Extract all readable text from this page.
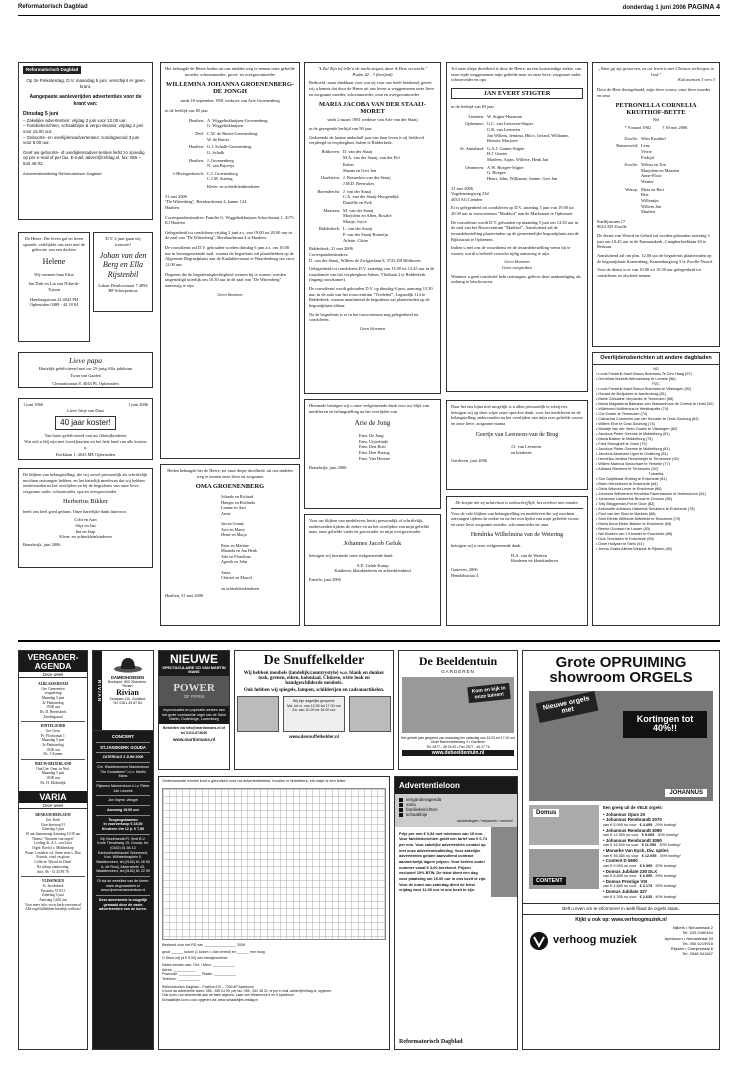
Reformatorisch Dagblad	donderdag 1 juni 2006 PAGINA 4
Reformatorisch Dagblad
Op 2e Pinksterdag, D.V. maandag 5 juni, verschijnt er geen krant.
Aangepaste aanleverijden advertenties voor de krant van:
Dinsdag 5 juni
– Zakelijke advertenties: vrijdag 2 juni voor 12.00 uur.
– Familieberichten, schaakbijes & verpo-deravis: vrijdag 2 juni voor 15.00 uur.
– Geboorte- en overlijdensadvertenties: zondagavond 3 juni voor 9.00 uur.
Geef uw geboorte- of overlijdensadver-tenties liefst zo spoedig op per e-mail of per fax. E-mail: advert@refdag.nl, fax: 055 – 542 48 02.
Advertentieafdeling Reformatorisch Dagblad
De Heere, Die leven gaf en leven spaarde, verblijdde ons zeer met de geboorte van een dochter
Helene
Wij noemen haar Elise
Jan Dirk en Lia van Nifterik-Tijssen
Hamburgstraat 22 4043 PH Opheusden 0488 - 44 18 04
D.V. 2 juni gaan wij trouwen!
Johan van den Berg en Ella Rijstenbil
Laban Deurloostraat 7 4094 BP Scherpenisse
Lieve papa
Hartelijk gefeliciteerd met uw 25-jarig Alfa jubileum
Twan van Gaalen
Clematisstraat 8, 4043 PL Opheusden
1 juni 1966	1 juni 2006
Lieve Iritje van Dam
40 jaar koster!
Van harte gefeliciteerd van uw (klein)kinderen
Wat zult u blij zijn met (werk)taarten uit het hele land van alle kosters u.
Kerklaan 1, 4043 ME Opheusden
De blijken van belangstelling, die wij zowel persoonlijk als schriftelijk mochten ontvangen hebben, en het hartelijk meeleven dat wij hebben ondervonden na het overlijden en bij de begrafenis van onze lieve, zorgzame vader, schoonvader, opa en overgrootvader
Herbertus Bikker
heeft ons heel goed gedaan. Onze hartelijke dank daarvoor.
Cobi en Aart
Stija en Jan
Ina en Jaap
Klein- en achterkleinkinderen
Brandwijk, juni 2006
Het behaagde de Heere heden uit ons midden weg te nemen onze geliefde moeder, schoonmoeder, groot- en overgrootmoeder
WILLEMINA JOHANNA GROENENBERG-DE JONGH
sinds 18 september 1981 weduwe van Arie Groenenberg
in de leeftijd van 85 jaar.
Haaften: A. Wiggelinkhuijsen-Groenenberg
G. Wiggelinkhuijsen
Deil: C.W. de Ruiter-Groenenberg
W. de Ruiter
Haaften: G.J. Schalk-Groenenberg
G. Schalk
Haaften: J. Groenenberg
N. van Bijsveja
's-Hertogenbosch: C.J. Groenenberg
C.J.M. Staring
Klein- en achterkleinkinderen
31 mei 2006
"De Wittenberg", Bernhardstraat 4, kamer 124
Haaften
Correspondentieadres: Familie G. Wiggelinkhuijsen Schoolstraat 1, 4175 KJ Haaften
Gelegenheid tot condoleren vrijdag 2 juni a.s. van 19.00 tot 20.00 uur in de zaal van "De Wittenberg", Bernhardstraat 4 te Haaften.
De rouwdienst zal D.V. gehouden worden dinsdag 6 juni a.s. om 10.00 uur in bovengenoemde zaal, waarna de begrafenis zal plaatshebben op de Algemene Begraafplaats aan de Kaalakkerstraat te Waardenburg om circa 12.00 uur.
Degenen die de begrafenisplechtigheid wensen bij te wonen, worden uitgenodigd uiterlijk om 10.30 uur in de zaal van "De Wittenberg" aanwezig te zijn.
Geen bloemen
Heden behaagde het de Heere, tot onze diepe droefheid, uit ons midden weg te nemen onze lieve en zorgzame
OMA GROENENBERG
Jolanda en Richard
Hartger en Roelinda
Lianne en Aart
Arnie

Jan en Gonny
Arie en Marry
Henri en Marja

Peter en Martine
Miranda en Jan Henk
Ado en Floreliina
Ageeth en John

Anita
Christel en Marcel

en achterkleinkinderen
Haaften, 31 mei 2006
"k Zal Zijn lof telle'n de nacht zingen, daar ik Hem verwacht."
Psalm 42 : 3 (berijmd)
Bedroefd, maar dankbaar voor wat zij voor ons heeft betekend, geven wij u kennis dat door de Heere uit ons leven is weggenomen onze lieve en zorgzame moeder, schoonmoeder, oma en overgrootmoeder
MARIA JACOBA VAN DER STAAIJ-MORET
sinds 2 maart 1981 weduwe van Arie van der Staaij
in de gezegende leeftijd van 90 jaar.
Gedurende de laatste anderhalf jaar van haar leven is zij liefdevol verpleegd in verpleeghuis Salem te Ridderkerk.
Bilthoven: D. van der Staaij
M.A. van der Staaij–van der Pol
Kuber
Shanta en Gert Jan
IJsselstein: J. Beeuwkes-van der Staaij
J.M.D. Beeuwkes
Barendrecht: J. van der Staaij
C.A. van der Staaij-Hoogendijk
Daniëlle en Erik
Maassen: M. van der Staaij
Marjolein en Allen, Rosalie
Marije, Joyce
Ridderkerk: L. van der Staaij
P. van der Staaij-Romeijn
Arlette, Claire
Ridderkerk, 31 mei 2006
Correspondentieadres:
D. van der Staaij, Willem de Zwijgerlaan 8, 3722 ZB Bilthoven
Gelegenheid tot condoleren D.V. zaterdag van 13.00 tot 13.45 uur in de rouwkamer van het verpleeghuis Salem, Vliethain 2 te Ridderkerk (ingang rouwkamer).
De rouwdienst wordt gehouden D.V. op dinsdag 6 juni, aanvang 13.30 uur, in de aula van het rouwcentrum "Vredehof", Lagendijk 114 te Ridderkerk, waarna aansluitend de begrafenis zal plaatsvinden op de begraafplaats aldaar.
Na de begrafenis is er in het rouwcentrum nog gelegenheid tot condoleren.
Geen bloemen
Hiermede betuigen wij u onze welgemeende dank voor uw blijk van medeleven en belangstelling na het overlijden van
Arie de Jong
Fam. De Jong
Fam. Uijterlinde
Fam. Den Boer
Fam. Den Hartog
Fam. Van Hoorne
Brandwijk, juni 2006
Voor uw blijken van medeleven, hetzij persoonlijk of schriftelijk, ondervonden tijdens de ziekte en na het overlijden van mijn geliefde man, onze geliefde vader en grootvader en mijn overgrootvader
Johannes Jacob Geluk
betuigen wij hiermede onze welgemeende dank.
A.E. Geluk-Kamp
Kinderen, kleinkinderen en achterkleinkind
Ermelo, juni 2006
Tot onze diepe droefheid is door de Heere, na een kortstondige ziekte, van onze zijde weggenomen mijn geliefde man en onze lieve, zorgzame vader, schoonvader en opa
JAN EVERT STIGTER
in de leeftijd van 83 jaar.
Lienden: W. Stigter-Huisman
Ophemert: G.C. van Leeuwen-Stigter
G.R. van Leeuwen
Jan Willem, Jemima, Hilco, Gerard, Willianne, Bernier, Marjorie
St. Annaland: G.A.J. Gunter-Stigter
H.J. Gunter
Marleen, Arjan, Willette, Henk Jan
Ommeren: A.W. Hoegee-Stigter
G. Hoegee
Henri, John, Willianne, Janine, Gert Jan
31 mei 2006
Vogelenzangweg 23d
4033 AG Lienden
Er is gelegenheid tot condoleren op D.V. zaterdag 3 juni van 19.00 tot 20.30 uur in rouwcentrum "Markhof" aan de Markstraat te Ophemert.
De rouwdienst wordt D.V. gehouden op maandag 5 juni om 14.30 uur in de zaal van het Rouwcentrum "Markhof". Aansluitend zal de teraardebestelling plaatsvinden op de gemeentelijke begraafplaats aan de Rijksstraat te Ophemert.
Indien u met ons de rouwdienst en de teraardebestelling wenst bij te wonen, wordt u beleefd verzocht tijdig aanwezig te zijn.
Geen bloemen
Geen toespraken
Wanneer u geen rouwbrief hebt ontvangen, gelieve deze aankondiging als zodanig te beschouwen.
Daar het ons bijna niet mogelijk is u allen persoonlijk te schrijven, betuigen wij op deze wijze onze oprechte dank, voor het medeleven en de belangstelling ondervonden na het overlijden van mijn zeer geliefde vrouw en onze lieve, zorgzame mama
Geertje van Leeuwen-van de Brug
J.J. van Leeuwen
en kinderen
Gardeven, juni 2006
De koepte die zij achterlaat is onbeschrijflijk, het verdriet niet minder.
Voor de vele blijken van belangstelling en medeleven die wij mochten ontvangen tijdens de ziekte en na het overlijden van mijn geliefde vrouw en onze lieve zorgzame moeder, schoonmoeder en oma
Hendrika Wilhelmina van de Wetering
betuigen wij u onze welgemeende dank.
H.A. van de Werken
Kinderen en kleinkinderen
Ganeven, 2006
Hendrikstraat 4
„Want gij zijt gestorven, en uw leven is met Christus verborgen in God."
Kolossensen 3 vers 3
Door de Heer thuisgehaald, mijn lieve vrouw, onze lieve moeder en oma
PETRONELLA CORNELIA KRUITHOF-BETTE
Nel
* 9 maart 1902          † 30 mei 2006
Zwolle: Wim Kruithof
Rainerwold: Leny
Verrie
Fridtjof
Zwolle: Wilma en Ton
Marjolein en Maarten
Anne-Floor
Wouter
Wezep: Meta en Bert
Bert
Willemijn
Willem Jan
Marlien
Snellijusiaan 17
8024 XD Zwolle
De dienst van Woord en Gebed zal worden gehouden zaterdag 3 juni om 10.45 uur in de Emmauskerk, Campherbeeklaan 63 te Berkum.
Aansluitend zal om plm. 12.00 uur de begrafenis plaatsvinden op de begraafplaats Kranenburg, Kranenburgweg 5 te Zwolle-Noord.
Voor de dienst is er van 10.00 tot 10.30 uur gelegenheid tot condoleren en afscheid nemen.
Overlijdensberichten uit andere dagbladen
ND
• Louis Frederik Karel Bosco Bosmans Te Den Haag (57)
• Gerrhilda Westrik-Wennekamp te Lemele (88)
PZC
• Louis Frederik Karel Bosco Bosmans te Vlissingen (52)
• Gerard de Bruijckere te Aardenburg (81)
• Marie Ghislaine Verplanke te Terneuzen (88)
• Maria Magdalena Baltusse-van Wassenhove de Cherck te Hulst (52)
• Willebrord Nolthenius te Westkapelle (74)
• Cor Koster te Terneuzen (74)
• Catharina Commelin-van der Klooster te Oost-Souburg (84)
• Willem Elve te Oost-Souburg (74)
• Maartje van der Veen-Oudes te Vlissingen (82)
• Jacobus Pieter Geense te Middelburg (81)
• Maria Bakker te Middelburg (74)
• Fred Stronghelt te Goes (79)
• Jacobus Pieter Geense te Middelburg (81)
• Jacobus Abraham Ligne te Oostburg (81)
• Hendrika Jantina Heinemeijer te Terneuzen (92)
• Willem Marinus Bosschaer te Yerseke (77)
• Adriana Riemens te Terneuzen (92)
Tubantia
• Sim Galjethaar-Rotting te Enschede (81)
• Bram Hendriesch te Enschede (84)
• Diela Witvoet-Lever te Enschede (66)
• Johanna Wilhelmina Hendrika Faberhausen te Hellendoorn (81)
• Johannes Lamberlus Brouw te Gronolo (86)
• Toty Brüggeman-Pot te Goor (82)
• Antoinette Adrianus Habertus Smulders te Enschede (78)
• Poul van der Sluis te Markelo (88)
• Smit Elfride Wilfriede Altfertinkt te Enschede (79)
• Maria Anna Meter-Bakker te Enschede (83)
• Bernie Goossen te Losser (83)
• Nel Bocker-van 't Klooster te Enschede (88)
• Dick Tennissen te Enschede (59)
• Dinie Hollyaer te Stein (91)
• Jenna Grada Altena-Welpink te Rijssen (80)
VERGADER-AGENDA
Deze week
ALBLASSERDAM
Ger. Gemeenten
vergadering
Maandag 5 juni
2e Pinksterdag
19.00 uur
Ds. D. Heemskerk
Zendingszaal
DINTELOORD
Ger. Gem.
Pr. Florisstraat 1
Maandag 5 juni
2e Pinksterdag
10.00 uur
Ds. J. Karens
NIEUW-BEIJERLAND
Oud Ger. Gem. in Ned.
Maandag 5 juni
18.00 uur
Ds. H. Molendijk
VARIA
Deze week
RENKUM/HEELSUM
Ger. Kerk
Utrechtseweg 91
Zaterdag 3 juni
10 uur Samenzang Aanvang 10.30 uur
Thema: "Stromen van zegen"
Leiding ds. A.L. van Zwet
Orgel: Roelof v. Middendorp
Piano: Leendert v.d. Steen m.m.v. Duo Friends, viool en gitaar
Collecte: Woord en Daad.
Na afloop ontmoeting.
Info: 06 - 51 43 89 78
VLISSINGEN
St. Jacobskerk
Encantio VOCO
Zaterdag 3 juni
Aanvang 14.00 uur
Voor meer info: www.kerkconcerten.nl
Alle regelfijfhebben hartelijk welkom!
R I V I A N
DAMESHOEDEN
Boutique, 800 Zilanders, Rivian
Rivian
Zandpad 110, Zuidland
Tel. 0181-45 87 84
CONCERT
ST.JANSKERK GOUDA
ZATERDAG 3 JUNI 2006
Chr. Waddinxveens Mannenkoor "De Gouwsteen" o.l.v. Martin Mans
Rijssens Mannenkoor o.l.v. Pieter Jan Leusink
Jan Vayne, vleugel
Aanvang 19.00 uur
Toegangskaarten
In voorverkoop € 15,00
Kinderen t/m 12 jr. € 7,50
Bij: Boekhandel R. Smit B.V.
Korte Tiendeweg 19, Gouda, tel.(0182) 51 66 13
Kantoorboekhandel Sonneveld, Kon. Wilhelminaplein 5, Waddinxveen, tel.(0182) 61 26 60
A. de Rooij, Akkerwinde 43, Waddinxveen, tel.(0182) 61 22 90
Of via de websites van de koren:
www.degouwsteen.nl
www.rijssensmannenkoor.nl
Deze advertentie is mogelijk gemaakt door de vaste adverteerders van de koren.
NIEUWE
SPECTACULAIRE CD VAN MARTIN MANS
POWER
OF PIPES
Improvisaties en populaire werken aan het grote voorlaanste orgel van de Saint Martin, Dudelange, Luxemburg
Bestellen via info@martinmans.nl of tel 0113-574646
www.martinmans.nl
De Snuffelkelder
Wij hebben meubels (landelijk/countrystyle) w.o. blank en donker teak, grenen, eiken, koloniaal, Chinese, witte look en handgeschilderde meubels.
Ook hebben wij spiegels, lampen, schilderijen en cadeauartikelen.
Wij zijn dagelijks geopend:
Ma. tot vr. van 10.00 tot 17.00 uur
Za. van 10.00 tot 16.00 uur
www.desnuffelkelder.nl
De Beeldentuin
GARDEREN
Kom en kijk in onze tuinen!
Het gehele jaar geopend van maandag t/m zaterdag van 10.00 tot 17.00 uur
Oude Barneveldseweg 3 • Garderen
Tel. 0577 - 46 24 62 • Fax 0577 - 46 27 76
www.debeeldentuin.nl
Onderstaande rubriek kunt u gebruiken voor uw advertentietekst. Invullen in blokletters, elk vakje is één letter.
Bestemd voor het RD van ________________ 2006
groot ______ kolom (1 kolom = 4cm breed) en ______ mm hoog
O Stuur mij (à € 5,00) een bewijsnummer.
Naam zenden aan: Dhr. / Mevr. ___________
Adres: ___________
Postcode: ___________ Plaats: ___________
Telefoon: ___________
Reformatorisch Dagblad – Postbus 670 – 7300 AP Apeldoorn
U kunt uw advertentie faxen: 055 - 539 04 99, per fax: 055 - 542 48 02, of per e-mail, advert@refdag.nl, opgeven.
Ook kunt u uw advertentie aan de balie afgeven: Laan van Westenenk 6 en 9 Apeldoorn
Schaakbijes kunt u ook opgeven via: www.schaakbijes.refdag.nl
Advertentieloon
verganderagenda
varia
familieberichten
schaakbije
aanbiedingen / verpamen / werken!
Prijs per mm € 0,94 met minimum van 15 mm. Voor familieberichten geldt een tarief van € 0,74 per mm. Voor zakelijke advertenties contact op met onze advertentieafdeling. Voor zakelijke advertenties gelden aanvullend contract aanmerkelijk lagere prijzen. Voor kerken onder nummer vanaf € 3,00 berekend. Prijzen exclusief 19% BTW. De tekst dient één dag voor plaatsing om 15.00 uur in ons bezit te zijn. Voor de krant van zaterdag dient de tekst vrijdag voor 12.00 uur in ons bezit te zijn.
Reformatorisch Dagblad
Grote OPRUIMING
showroom ORGELS
Nieuwe orgels met
Kortingen tot 40%!!
JOHANNUS
Domus
CONTENT
Een greep uit de VELE orgels:
• Johannus Opus 20
• Johannus Rembrandt 2070
van € 5.995 nu voor € 4.495 25% korting!
• Johannus Rembrandt 3090
van € 12.950 nu voor € 9.065 30% korting!
• Johannus Rembrandt 3090
van € 16.500 nu voor € 11.550 30% korting!
• Monarke Van Eyck, Div. opties
van € 36.580 nu voor € 12.055 30% korting!
• Content D 5600
van € 9.990 nu voor € 6.995 30% korting!
• Domus Jubilate 230 DLX
van € 8.885 nu voor € 6.995 35% korting!
• Domus Prestige VIII
van € 4.885 nu voor € 3.175 35% korting!
• Domus Jubilate 327
van € 4.395 nu voor € 2.635 40% korting!
Belt u even om te informeren in welk filiaal de orgels staan.
Kijkt u ook op: www.verhoogmuziek.nl
verhoog muziek
Nijkerk • Nieuwstraat 2
Tel. 033 2460444
Apeldoorn • Nieuwstraat 44
Tel. 055 5219918
Rijssen • Oranjestraat 6
Tel. 0548 541847
